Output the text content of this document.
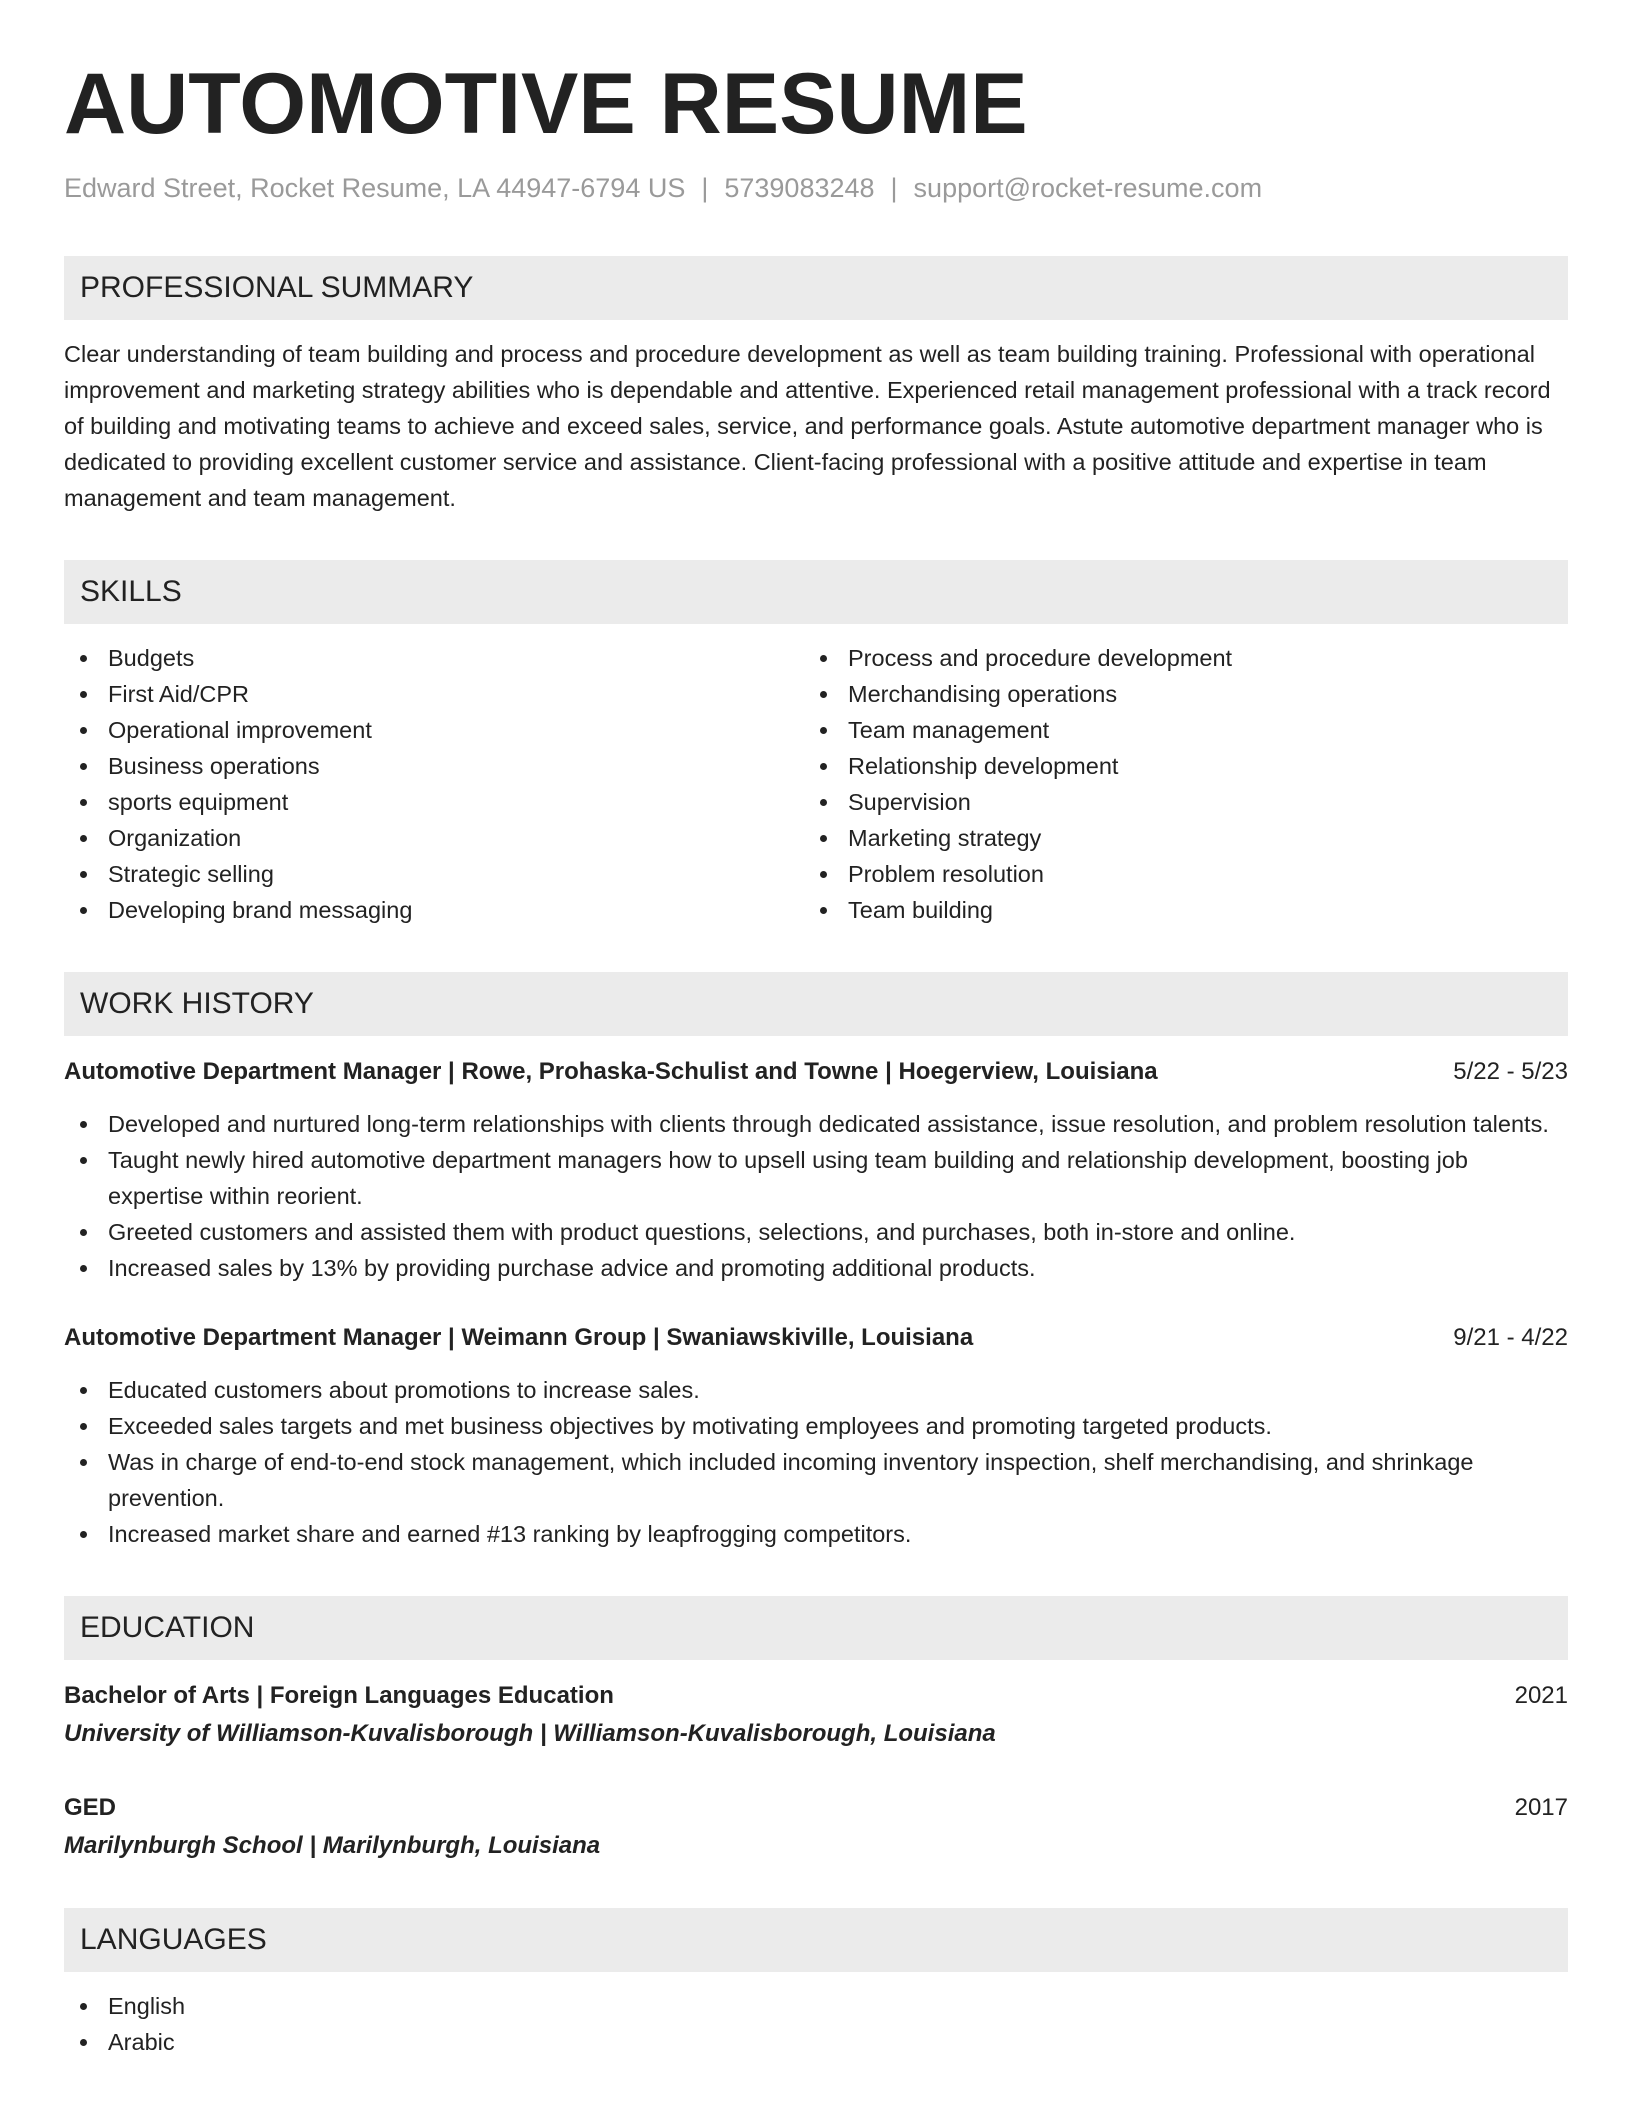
AUTOMOTIVE RESUME
Edward Street, Rocket Resume, LA 44947-6794 US | 5739083248 | support@rocket-resume.com
PROFESSIONAL SUMMARY
Clear understanding of team building and process and procedure development as well as team building training. Professional with operational improvement and marketing strategy abilities who is dependable and attentive. Experienced retail management professional with a track record of building and motivating teams to achieve and exceed sales, service, and performance goals. Astute automotive department manager who is dedicated to providing excellent customer service and assistance. Client-facing professional with a positive attitude and expertise in team management and team management.
SKILLS
Budgets
First Aid/CPR
Operational improvement
Business operations
sports equipment
Organization
Strategic selling
Developing brand messaging
Process and procedure development
Merchandising operations
Team management
Relationship development
Supervision
Marketing strategy
Problem resolution
Team building
WORK HISTORY
Automotive Department Manager | Rowe, Prohaska-Schulist and Towne | Hoegerview, Louisiana	5/22 - 5/23
Developed and nurtured long-term relationships with clients through dedicated assistance, issue resolution, and problem resolution talents.
Taught newly hired automotive department managers how to upsell using team building and relationship development, boosting job expertise within reorient.
Greeted customers and assisted them with product questions, selections, and purchases, both in-store and online.
Increased sales by 13% by providing purchase advice and promoting additional products.
Automotive Department Manager | Weimann Group | Swaniawskiville, Louisiana	9/21 - 4/22
Educated customers about promotions to increase sales.
Exceeded sales targets and met business objectives by motivating employees and promoting targeted products.
Was in charge of end-to-end stock management, which included incoming inventory inspection, shelf merchandising, and shrinkage prevention.
Increased market share and earned #13 ranking by leapfrogging competitors.
EDUCATION
Bachelor of Arts | Foreign Languages Education	2021
University of Williamson-Kuvalisborough | Williamson-Kuvalisborough, Louisiana
GED	2017
Marilynburgh School | Marilynburgh, Louisiana
LANGUAGES
English
Arabic
